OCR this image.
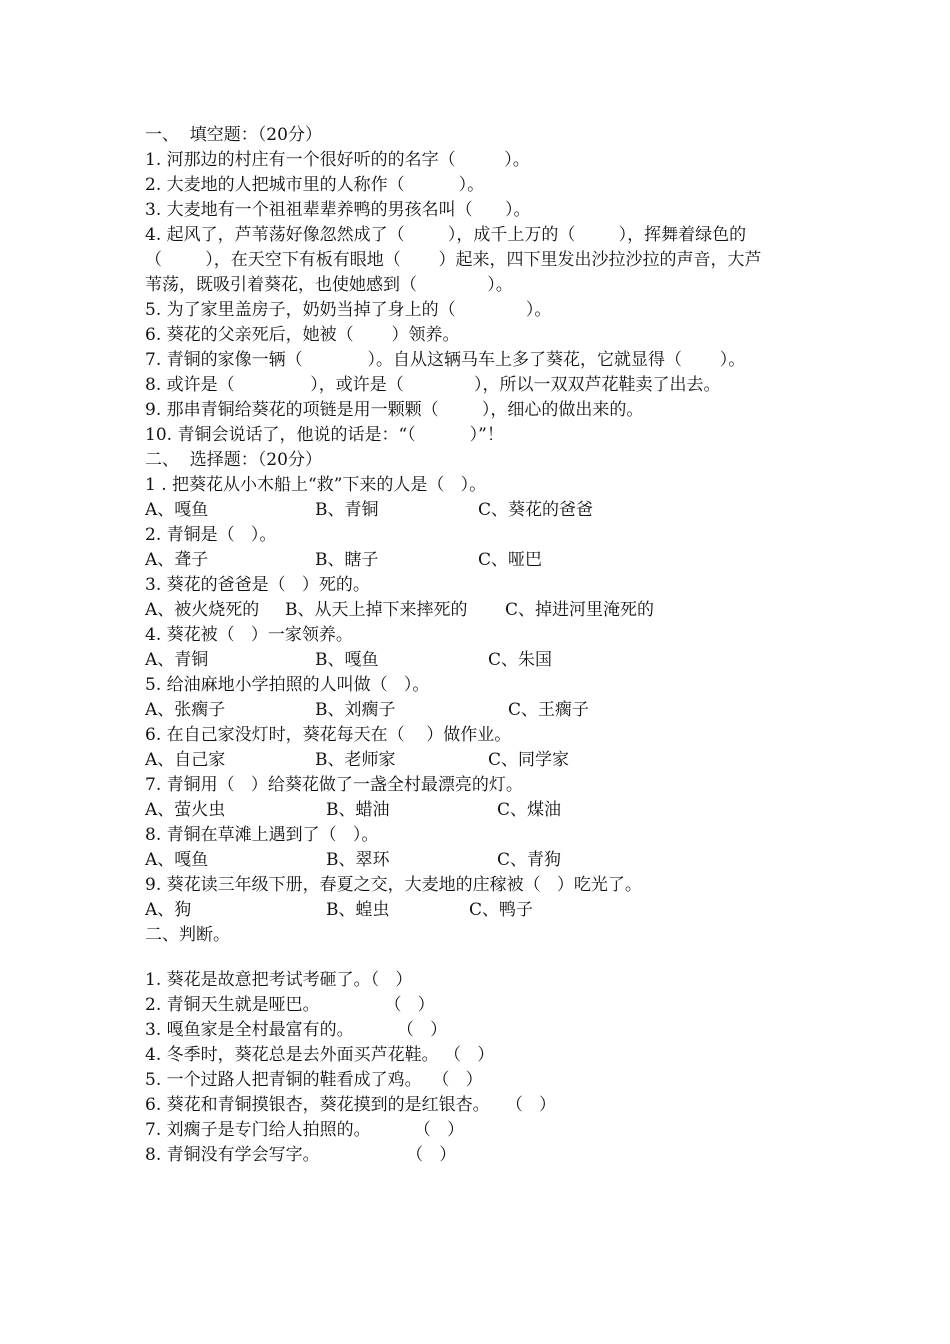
一、  填空题：（20分）
1. 河那边的村庄有一个很好听的的名字（         ）。
2. 大麦地的人把城市里的人称作（          ）。
3. 大麦地有一个祖祖辈辈养鸭的男孩名叫（      ）。
4. 起风了，芦苇荡好像忽然成了（        ），成千上万的（        ），挥舞着绿色的
（        ），在天空下有板有眼地（       ）起来，四下里发出沙拉沙拉的声音，大芦
苇荡，既吸引着葵花，也使她感到（             ）。
5. 为了家里盖房子，奶奶当掉了身上的（             ）。
6. 葵花的父亲死后，她被（       ）领养。
7. 青铜的家像一辆（            ）。自从这辆马车上多了葵花，它就显得（       ）。
8. 或许是（              ），或许是（             ），所以一双双芦花鞋卖了出去。
9. 那串青铜给葵花的项链是用一颗颗（        ），细心的做出来的。
10. 青铜会说话了，他说的话是：“（          ）”！
二、  选择题：（20分）
1 . 把葵花从小木船上“救”下来的人是（   ）。
A、嘎鱼	B、青铜	C、葵花的爸爸
2. 青铜是（   ）。
A、聋子	B、瞎子	C、哑巴
3. 葵花的爸爸是（   ）死的。
A、被火烧死的 B、从天上掉下来摔死的 C、掉进河里淹死的
4. 葵花被（   ）一家领养。
A、青铜	B、嘎鱼	C、朱国
5. 给油麻地小学拍照的人叫做（   ）。
A、张瘸子	B、刘瘸子	C、王瘸子
6. 在自己家没灯时，葵花每天在（    ）做作业。
A、自己家	B、老师家	C、同学家
7. 青铜用（   ）给葵花做了一盏全村最漂亮的灯。
A、萤火虫	B、蜡油	C、煤油
8. 青铜在草滩上遇到了（   ）。
A、嘎鱼	B、翠环	C、青狗
9. 葵花读三年级下册，春夏之交，大麦地的庄稼被（   ）吃光了。
A、狗	B、蝗虫	C、鸭子
二、判断。
1. 葵花是故意把考试考砸了。（   ）
2. 青铜天生就是哑巴。            （   ）
3. 嘎鱼家是全村最富有的。        （   ）
4. 冬季时，葵花总是去外面买芦花鞋。 （   ）
5. 一个过路人把青铜的鞋看成了鸡。  （   ）
6. 葵花和青铜摸银杏，葵花摸到的是红银杏。   （   ）
7. 刘瘸子是专门给人拍照的。        （   ）
8. 青铜没有学会写字。                （   ）
